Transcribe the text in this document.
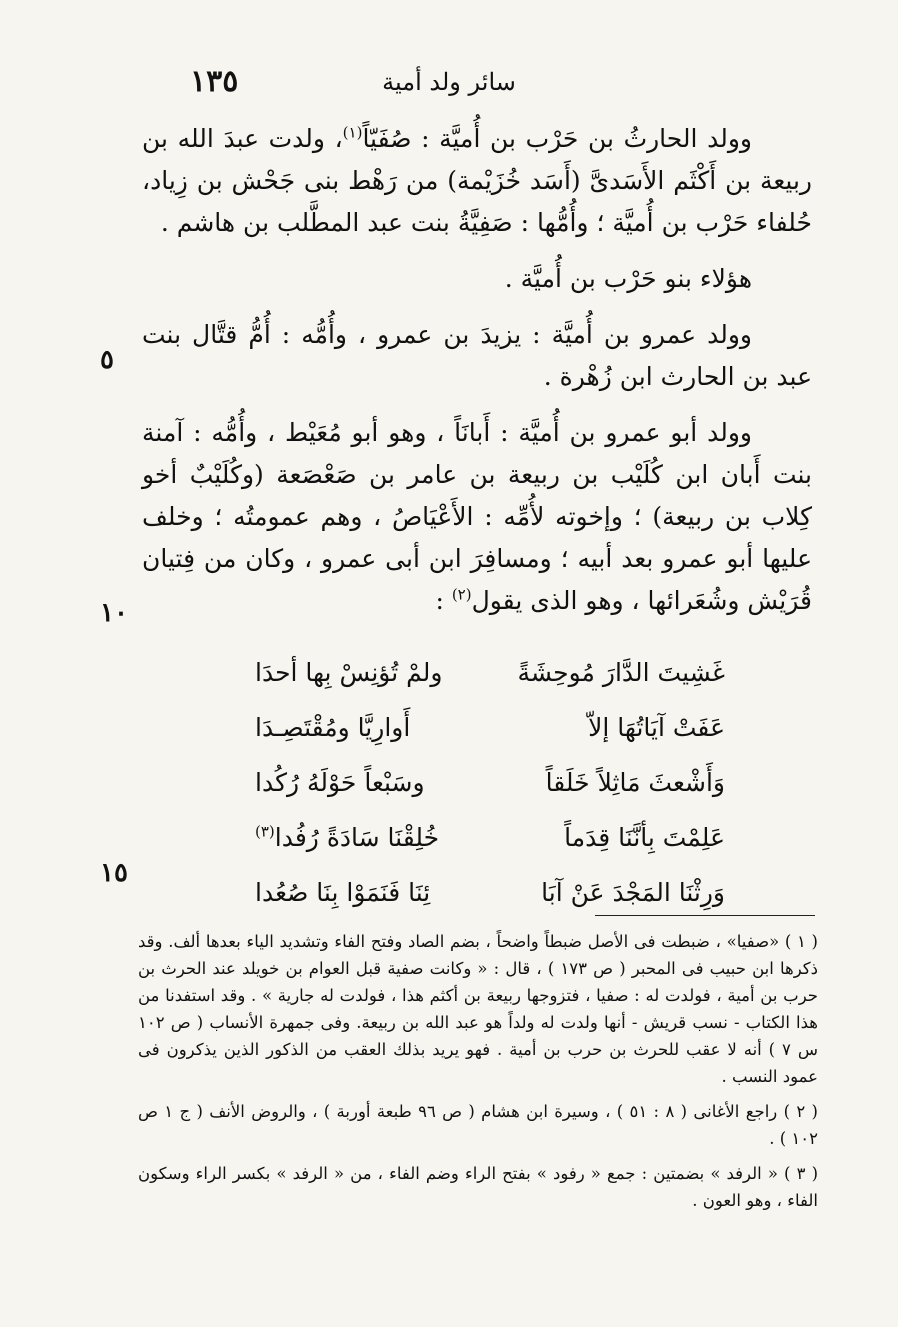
١٣٥	سائر ولد أمية

وولد الحارثُ بن حَرْب بن أُميَّة : صُفَيّاً$^{(١)}$، ولدت عبدَ الله بن ربيعة بن أَكْثَم الأَسَدىَّ (أَسَد خُزَيْمة) من رَهْط بنى جَحْش بن زِياد، حُلفاء حَرْب بن أُميَّة ؛ وأُمُّها : صَفِيَّةُ بنت عبد المطَّلب بن هاشم .

هؤلاء بنو حَرْب بن أُميَّة .

وولد عمرو بن أُميَّة : يزيدَ بن عمرو ، وأُمُّه : أُمُّ قتَّال بنت عبد بن الحارث ابن زُهْرة .

وولد أبو عمرو بن أُميَّة : أَبانَاً ، وهو أبو مُعَيْط ، وأُمُّه : آمنة بنت أَبان ابن كُلَيْب بن ربيعة بن عامر بن صَعْصَعة (وكُلَيْبٌ أخو كِلاب بن ربيعة) ؛ وإخوته لأُمِّه : الأَعْيَاصُ ، وهم عمومتُه ؛ وخلف عليها أبو عمرو بعد أبيه ؛ ومسافِرَ ابن أبى عمرو ، وكان من فِتيان قُرَيْش وشُعَرائها ، وهو الذى يقول$^{(٢)}$ :

غَشِيتَ الدَّارَ مُوحِشَةً
ولمْ تُؤنِسْ بِها أحدَا
عَفَتْ آيَاتُهَا إلاّ
أَوارِيَّا ومُقْتَصِـدَا
وَأَشْعثَ مَاثِلاً خَلَقاً
وسَبْعاً حَوْلَهُ رُكُدا
عَلِمْتَ بِأنَّنَا قِدَماً
خُلِقْنَا سَادَةً رُفُدا$^{(٣)}$
وَرِثْنَا المَجْدَ عَنْ آبَا
ئِنَا فَنَمَوْا بِنَا صُعُدا
٥
١٠
١٥

( ١ ) «صفيا» ، ضبطت فى الأصل ضبطاً واضحاً ، بضم الصاد وفتح الفاء وتشديد الياء بعدها ألف. وقد ذكرها ابن حبيب فى المحبر ( ص ١٧٣ ) ، قال : « وكانت صفية قبل العوام بن خويلد عند الحرث بن حرب بن أمية ، فولدت له : صفيا ، فتزوجها ربيعة بن أكثم هذا ، فولدت له جارية » . وقد استفدنا من هذا الكتاب - نسب قريش - أنها ولدت له ولداً هو عبد الله بن ربيعة. وفى جمهرة الأنساب ( ص ١٠٢ س ٧ ) أنه لا عقب للحرث بن حرب بن أمية . فهو يريد بذلك العقب من الذكور الذين يذكرون فى عمود النسب .

( ٢ ) راجع الأغانى ( ٨ : ٥١ ) ، وسيرة ابن هشام ( ص ٩٦ طبعة أوربة ) ، والروض الأنف ( ج ١ ص ١٠٢ ) .

( ٣ ) « الرفد » بضمتين : جمع « رفود » بفتح الراء وضم الفاء ، من « الرفد » بكسر الراء وسكون الفاء ، وهو العون .
